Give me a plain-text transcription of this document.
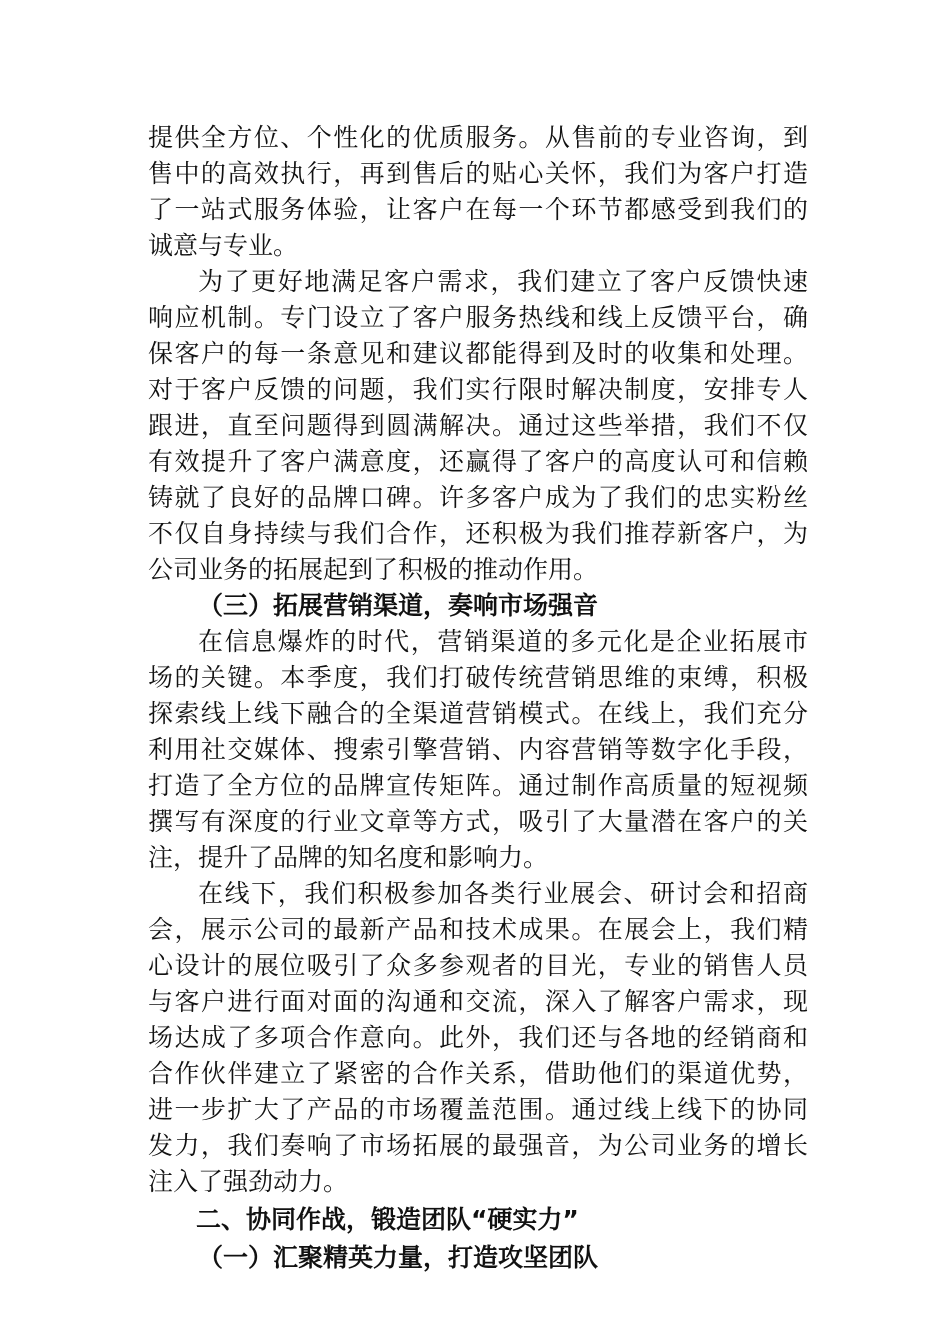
提供全方位、个性化的优质服务。从售前的专业咨询，到
售中的高效执行，再到售后的贴心关怀，我们为客户打造
了一站式服务体验，让客户在每一个环节都感受到我们的
诚意与专业。
为了更好地满足客户需求，我们建立了客户反馈快速
响应机制。专门设立了客户服务热线和线上反馈平台，确
保客户的每一条意见和建议都能得到及时的收集和处理。
对于客户反馈的问题，我们实行限时解决制度，安排专人
跟进，直至问题得到圆满解决。通过这些举措，我们不仅
有效提升了客户满意度，还赢得了客户的高度认可和信赖
铸就了良好的品牌口碑。许多客户成为了我们的忠实粉丝
不仅自身持续与我们合作，还积极为我们推荐新客户，为
公司业务的拓展起到了积极的推动作用。
（三）拓展营销渠道，奏响市场强音
在信息爆炸的时代，营销渠道的多元化是企业拓展市
场的关键。本季度，我们打破传统营销思维的束缚，积极
探索线上线下融合的全渠道营销模式。在线上，我们充分
利用社交媒体、搜索引擎营销、内容营销等数字化手段，
打造了全方位的品牌宣传矩阵。通过制作高质量的短视频
撰写有深度的行业文章等方式，吸引了大量潜在客户的关
注，提升了品牌的知名度和影响力。
在线下，我们积极参加各类行业展会、研讨会和招商
会，展示公司的最新产品和技术成果。在展会上，我们精
心设计的展位吸引了众多参观者的目光，专业的销售人员
与客户进行面对面的沟通和交流，深入了解客户需求，现
场达成了多项合作意向。此外，我们还与各地的经销商和
合作伙伴建立了紧密的合作关系，借助他们的渠道优势，
进一步扩大了产品的市场覆盖范围。通过线上线下的协同
发力，我们奏响了市场拓展的最强音，为公司业务的增长
注入了强劲动力。
二、协同作战，锻造团队“硬实力”
（一）汇聚精英力量，打造攻坚团队
